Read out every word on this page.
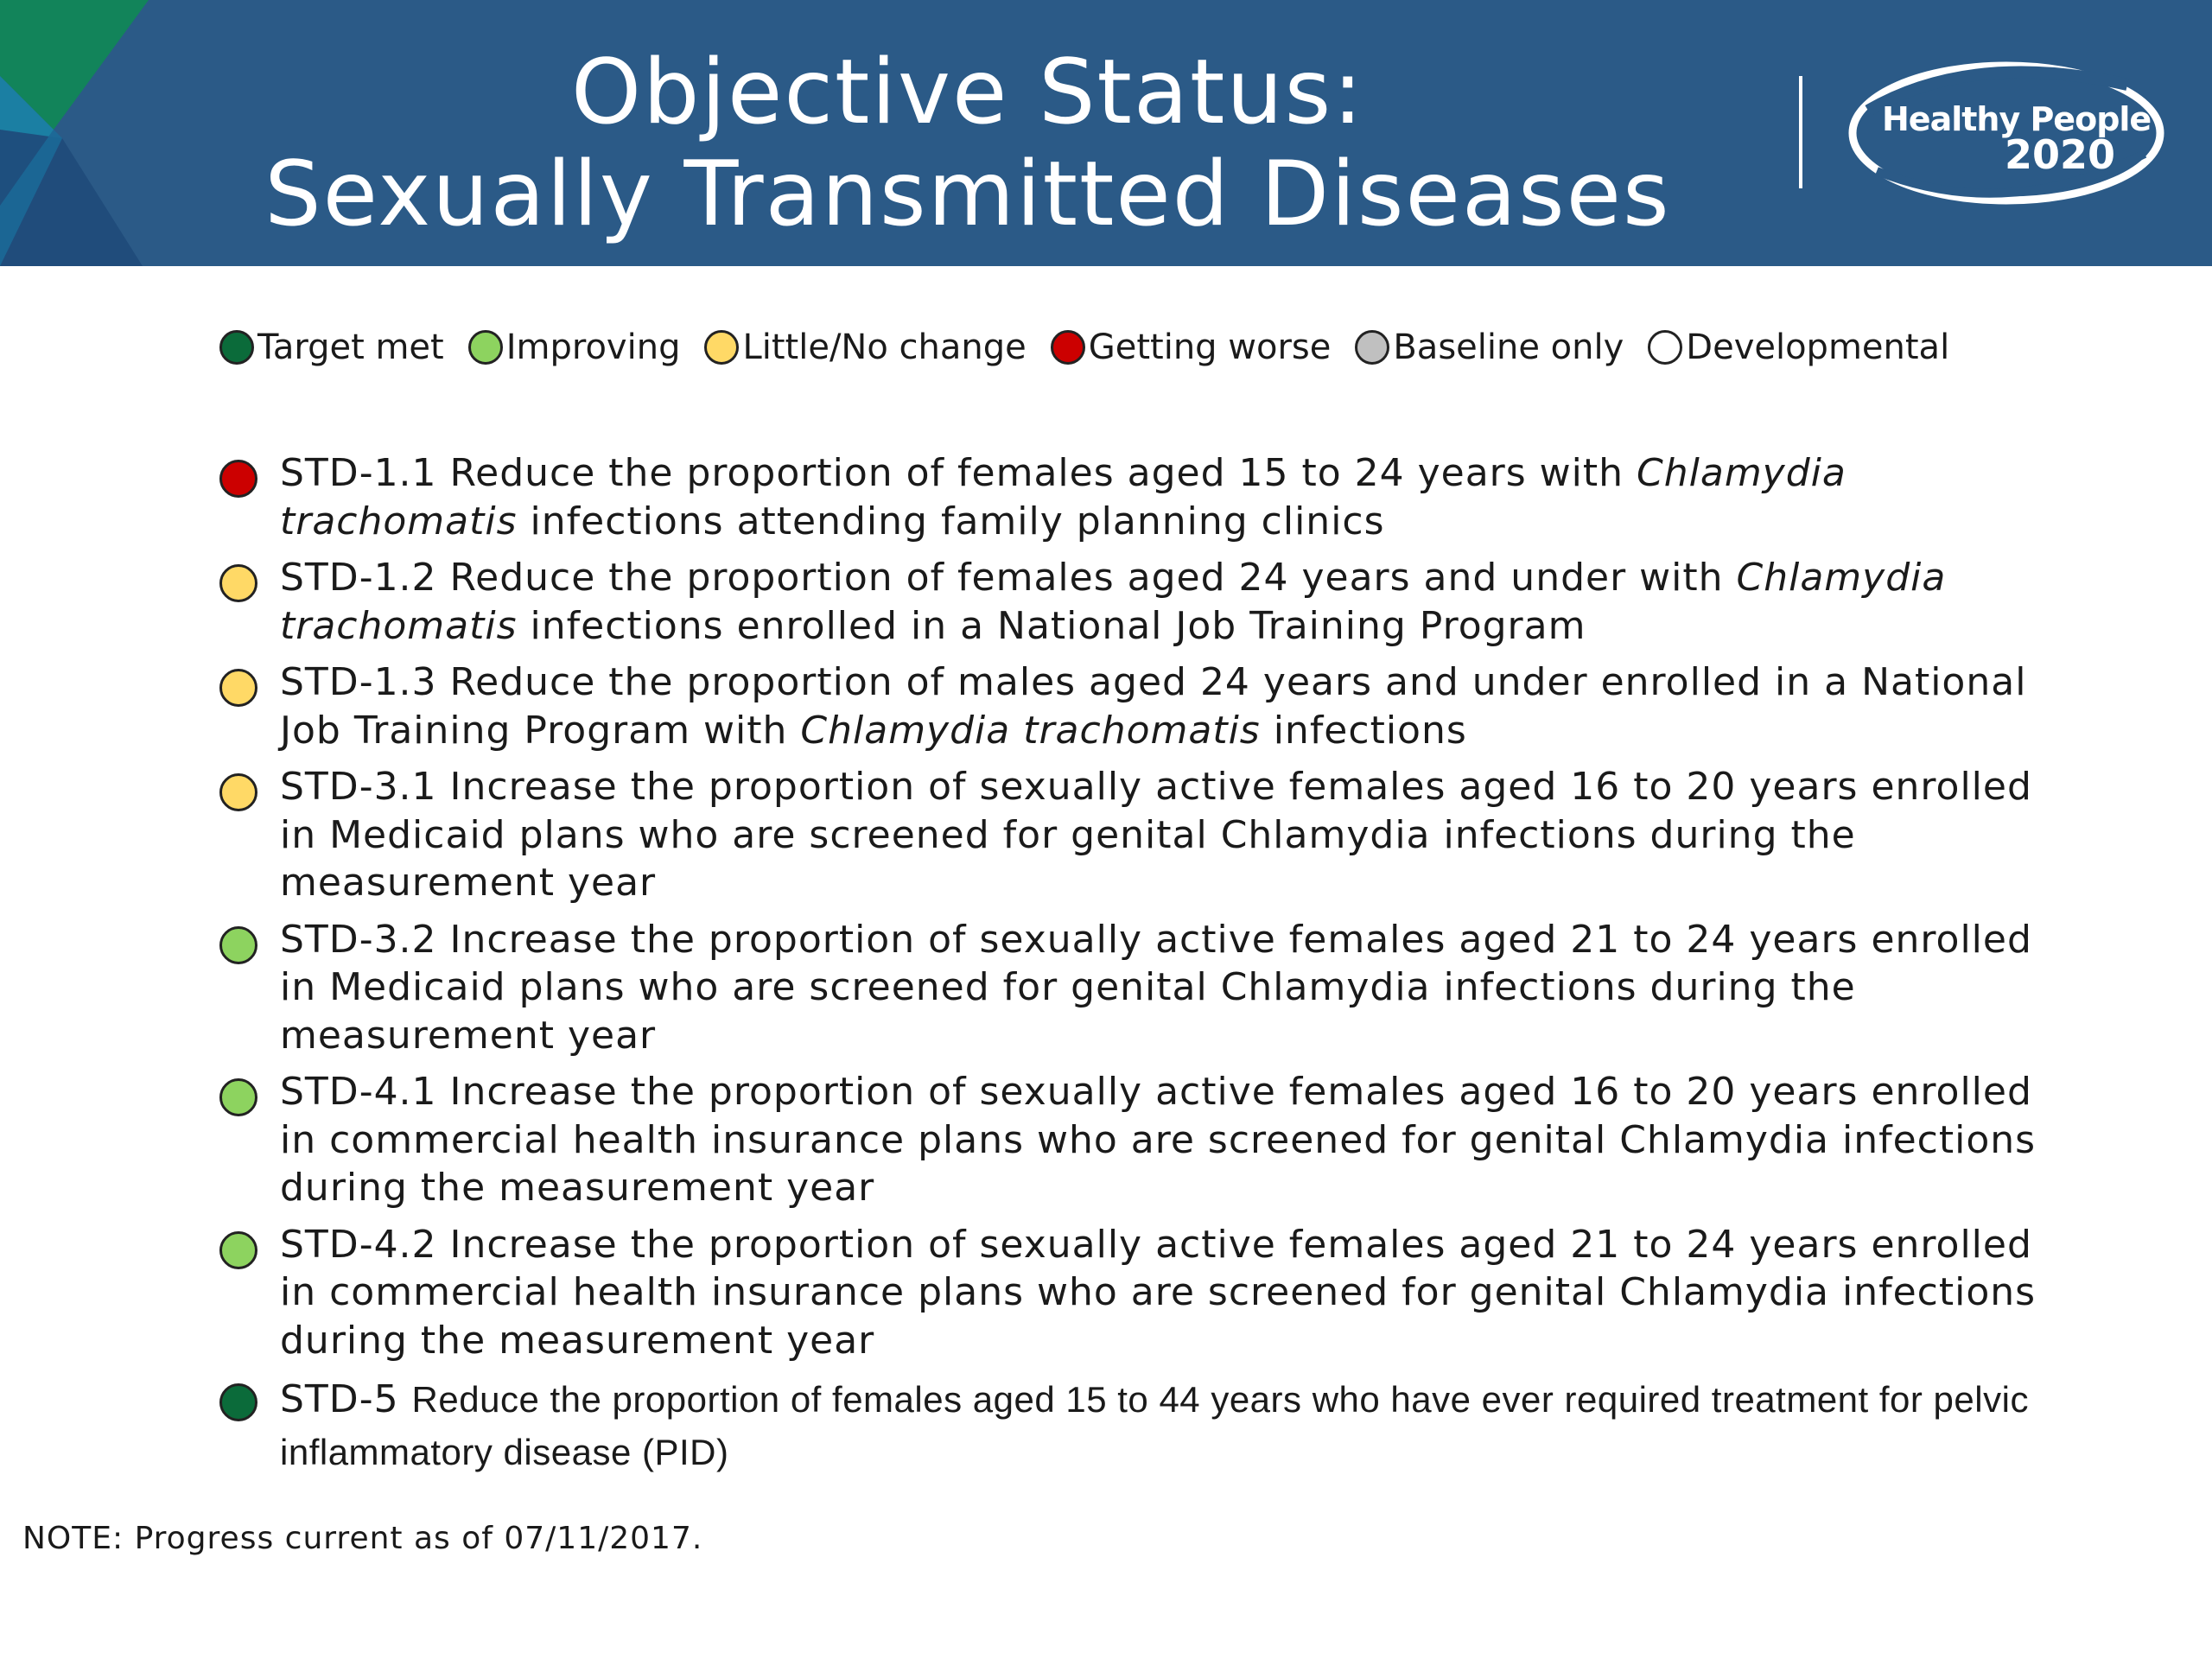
Objective Status:
Sexually Transmitted Diseases
Healthy People
2020
Target met Improving Little/No change Getting worse Baseline only Developmental
STD-1.1 Reduce the proportion of females aged 15 to 24 years with Chlamydia trachomatis infections attending family planning clinics
STD-1.2 Reduce the proportion of females aged 24 years and under with Chlamydia trachomatis infections enrolled in a National Job Training Program
STD-1.3 Reduce the proportion of males aged 24 years and under enrolled in a National Job Training Program with Chlamydia trachomatis infections
STD-3.1 Increase the proportion of sexually active females aged 16 to 20 years enrolled in Medicaid plans who are screened for genital Chlamydia infections during the measurement year
STD-3.2 Increase the proportion of sexually active females aged 21 to 24 years enrolled in Medicaid plans who are screened for genital Chlamydia infections during the measurement year
STD-4.1 Increase the proportion of sexually active females aged 16 to 20 years enrolled in commercial health insurance plans who are screened for genital Chlamydia infections during the measurement year
STD-4.2 Increase the proportion of sexually active females aged 21 to 24 years enrolled in commercial health insurance plans who are screened for genital Chlamydia infections during the measurement year
STD-5 Reduce the proportion of females aged 15 to 44 years who have ever required treatment for pelvic inflammatory disease (PID)
NOTE: Progress current as of 07/11/2017.
